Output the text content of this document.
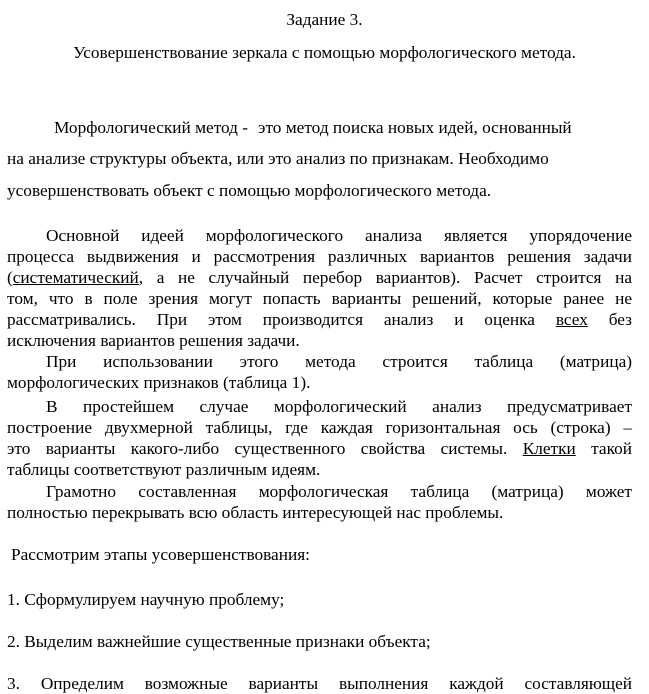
Задание 3.
Усовершенствование зеркала с помощью морфологического метода.
Морфологический метод - это метод поиска новых идей, основанный
на анализе структуры объекта, или это анализ по признакам. Необходимо
усовершенствовать объект с помощью морфологического метода.
Основной идеей морфологического анализа является упорядочение
процесса выдвижения и рассмотрения различных вариантов решения задачи
(систематический, а не случайный перебор вариантов). Расчет строится на
том, что в поле зрения могут попасть варианты решений, которые ранее не
рассматривались. При этом производится анализ и оценка всех без
исключения вариантов решения задачи.
При использовании этого метода строится таблица (матрица)
морфологических признаков (таблица 1).
В простейшем случае морфологический анализ предусматривает
построение двухмерной таблицы, где каждая горизонтальная ось (строка) –
это варианты какого-либо существенного свойства системы. Клетки такой
таблицы соответствуют различным идеям.
Грамотно составленная морфологическая таблица (матрица) может
полностью перекрывать всю область интересующей нас проблемы.
Рассмотрим этапы усовершенствования:
1. Сформулируем научную проблему;
2. Выделим важнейшие существенные признаки объекта;
3. Определим возможные варианты выполнения каждой составляющей
